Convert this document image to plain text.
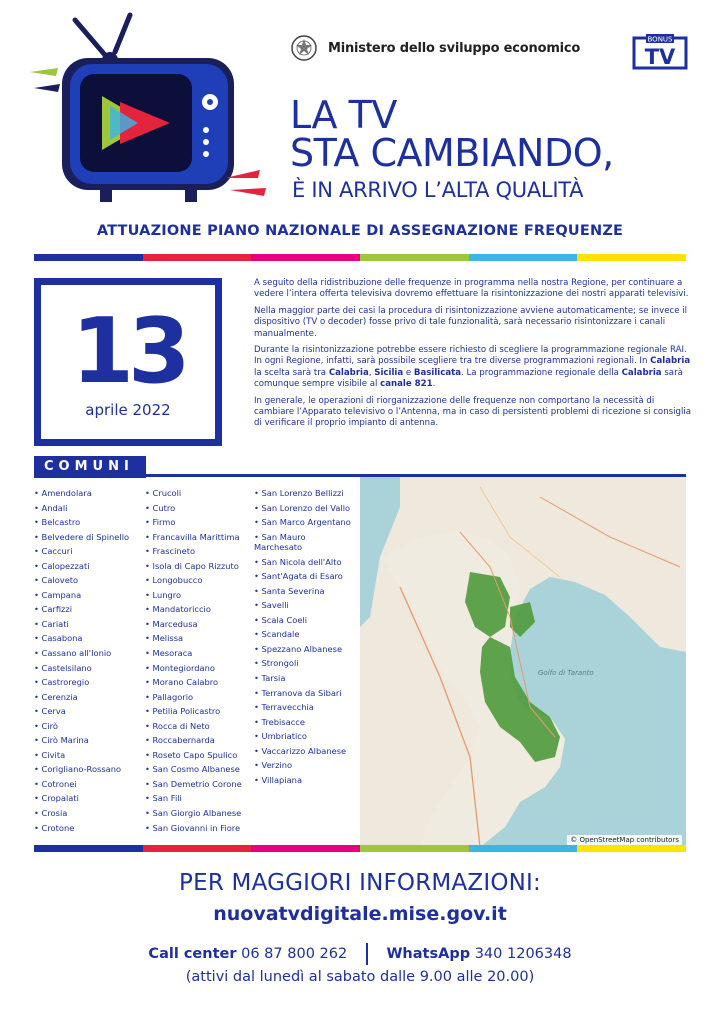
Ministero dello sviluppo economico
BONUS
TV
LA TV
STA CAMBIANDO,
È IN ARRIVO L’ALTA QUALITÀ
ATTUAZIONE PIANO NAZIONALE DI ASSEGNAZIONE FREQUENZE
13
aprile 2022

A seguito della ridistribuzione delle frequenze in programma nella nostra Regione, per continuare a vedere l’intera offerta televisiva dovremo effettuare la risintonizzazione dei nostri apparati televisivi.

Nella maggior parte dei casi la procedura di risintonizzazione avviene automaticamente; se invece il dispositivo (TV o decoder) fosse privo di tale funzionalità, sarà necessario risintonizzare i canali manualmente.

Durante la risintonizzazione potrebbe essere richiesto di scegliere la programmazione regionale RAI. In ogni Regione, infatti, sarà possibile scegliere tra tre diverse programmazioni regionali. In Calabria la scelta sarà tra Calabria, Sicilia e Basilicata. La programmazione regionale della Calabria sarà comunque sempre visibile al canale 821.

In generale, le operazioni di riorganizzazione delle frequenze non comportano la necessità di cambiare l’Apparato televisivo o l’Antenna, ma in caso di persistenti problemi di ricezione si consiglia di verificare il proprio impianto di antenna.

COMUNI
• Amendolara
• Andali
• Belcastro
• Belvedere di Spinello
• Caccuri
• Calopezzati
• Caloveto
• Campana
• Carfizzi
• Cariati
• Casabona
• Cassano all'Ionio
• Castelsilano
• Castroregio
• Cerenzia
• Cerva
• Cirò
• Cirò Marina
• Civita
• Corigliano-Rossano
• Cotronei
• Cropalati
• Crosia
• Crotone
• Crucoli
• Cutro
• Firmo
• Francavilla Marittima
• Frascineto
• Isola di Capo Rizzuto
• Longobucco
• Lungro
• Mandatoriccio
• Marcedusa
• Melissa
• Mesoraca
• Montegiordano
• Morano Calabro
• Pallagorio
• Petilia Policastro
• Rocca di Neto
• Roccabernarda
• Roseto Capo Spulico
• San Cosmo Albanese
• San Demetrio Corone
• San Fili
• San Giorgio Albanese
• San Giovanni in Fiore
• San Lorenzo Bellizzi
• San Lorenzo del Vallo
• San Marco Argentano
• San Mauro Marchesato
• San Nicola dell'Alto
• Sant'Agata di Esaro
• Santa Severina
• Savelli
• Scala Coeli
• Scandale
• Spezzano Albanese
• Strongoli
• Tarsia
• Terranova da Sibari
• Terravecchia
• Trebisacce
• Umbriatico
• Vaccarizzo Albanese
• Verzino
• Villapiana
Golfo di Taranto
© OpenStreetMap contributors
PER MAGGIORI INFORMAZIONI:
nuovatvdigitale.mise.gov.it
Call center 06 87 800 262	WhatsApp 340 1206348
(attivi dal lunedì al sabato dalle 9.00 alle 20.00)
